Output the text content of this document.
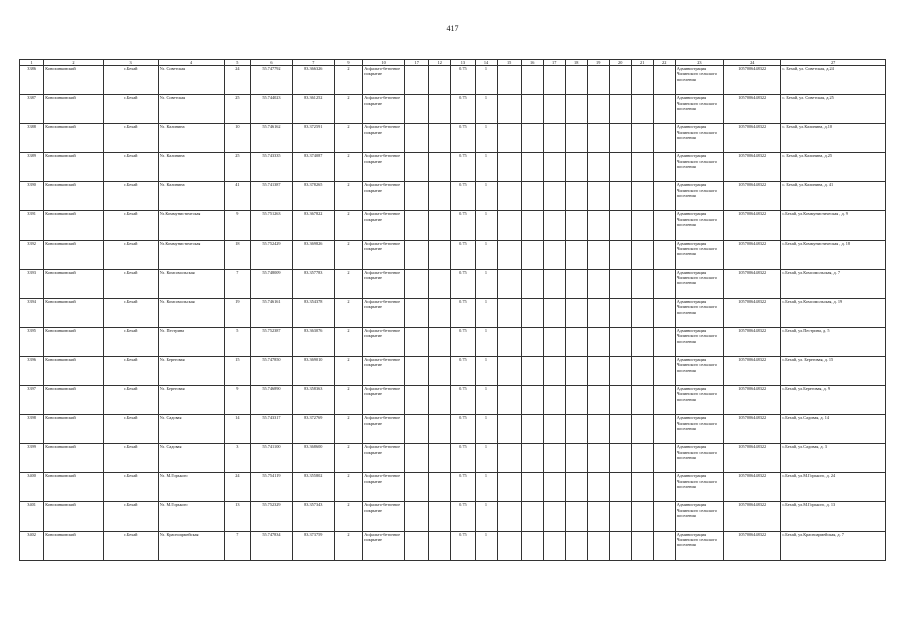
417
1	2	3	4	5	6	7	9	10	17	12	13	14	15	16	17	18	19	20	21	22	23	24	27
3386	Конохинковский	с.Бехай	Ул. Советская	24	55.747792	83.366326	2	Асфальто-бетонное покрытие			0.75	1									Администрация Чилинского сельского поселения	1057006448322	с. Бехай, ул. Советская, д.24
3387	Конохинковский	с.Бехай	Ул. Советская	25	55.744023	83.361252	2	Асфальто-бетонное покрытие			0.75	1									Администрация Чилинского сельского поселения	1057006448322	с. Бехай, ул. Советская, д.25
3388	Конохинковский	с.Бехай	Ул. Калинина	10	55.746162	83.372591	2	Асфальто-бетонное покрытие			0.75	1									Администрация Чилинского сельского поселения	1057006448322	с. Бехай, ул.Калинина, д.10
3389	Конохинковский	с.Бехай	Ул. Калинина	25	55.743335	83.374087	2	Асфальто-бетонное покрытие			0.75	1									Администрация Чилинского сельского поселения	1057006448322	с. Бехай, ул.Калинина, д.25
3390	Конохинковский	с.Бехай	Ул. Калинина	41	55.741387	83.378265	2	Асфальто-бетонное покрытие			0.75	1									Администрация Чилинского сельского поселения	1057006448322	с. Бехай, ул.Калинина, д. 41
3391	Конохинковский	с.Бехай	Ул.Коммунистическая	9	55.751263	83.367822	2	Асфальто-бетонное покрытие			0.75	1									Администрация Чилинского сельского поселения	1057006448322	с.Бехай, ул.Коммунистическая , д. 9
3392	Конохинковский	с.Бехай	Ул.Коммунистическая	18	55.752429	83.369826	2	Асфальто-бетонное покрытие			0.75	1									Администрация Чилинского сельского поселения	1057006448322	с.Бехай, ул.Коммунистическая , д. 18
3393	Конохинковский	с.Бехай	Ул. Комсомольская	7	55.748009	83.357783	2	Асфальто-бетонное покрытие			0.75	1									Администрация Чилинского сельского поселения	1057006448322	с.Бехай, ул.Комсомольская, д. 7
3394	Конохинковский	с.Бехай	Ул. Комсомольская	19	55.746161	83.354378	2	Асфальто-бетонное покрытие			0.75	1									Администрация Чилинского сельского поселения	1057006448322	с.Бехай, ул.Комсомольская, д. 19
3395	Конохинковский	с.Бехай	Ул. Пестрина	5	55.752387	83.363076	2	Асфальто-бетонное покрытие			0.75	1									Администрация Чилинского сельского поселения	1057006448322	с.Бехай, ул.Пестрина, д. 5
3396	Конохинковский	с.Бехай	Ул. Береговая	15	55.747850	83.369010	2	Асфальто-бетонное покрытие			0.75	1									Администрация Чилинского сельского поселения	1057006448322	с.Бехай, ул. Береговая, д. 15
3397	Конохинковский	с.Бехай	Ул. Береговая	9	55.746890	83.358363	2	Асфальто-бетонное покрытие			0.75	1									Администрация Чилинского сельского поселения	1057006448322	с.Бехай, ул.Береговая, д. 9
3398	Конохинковский	с.Бехай	Ул. Садовая	14	55.743317	83.372769	2	Асфальто-бетонное покрытие			0.75	1									Администрация Чилинского сельского поселения	1057006448322	с.Бехай, ул.Садовая, д. 14
3399	Конохинковский	с.Бехай	Ул. Садовая	3	55.741100	83.368600	2	Асфальто-бетонное покрытие			0.75	1									Администрация Чилинского сельского поселения	1057006448322	с.Бехай, ул.Садовая, д. 3
3400	Конохинковский	с.Бехай	Ул. М.Горького	24	55.754119	83.355802	2	Асфальто-бетонное покрытие			0.75	1									Администрация Чилинского сельского поселения	1057006448322	с.Бехай, ул.М.Горького, д. 24
3401	Конохинковский	с.Бехай	Ул. М.Горького	13	55.752329	83.357343	2	Асфальто-бетонное покрытие			0.75	1									Администрация Чилинского сельского поселения	1057006448322	с.Бехай, ул.М.Горького, д. 13
3402	Конохинковский	с.Бехай	Ул. Красноармейская	7	55.747834	83.373759	2	Асфальто-бетонное покрытие			0.75	1									Администрация Чилинского сельского поселения	1057006448322	с.Бехай, ул.Красноармейская, д. 7
